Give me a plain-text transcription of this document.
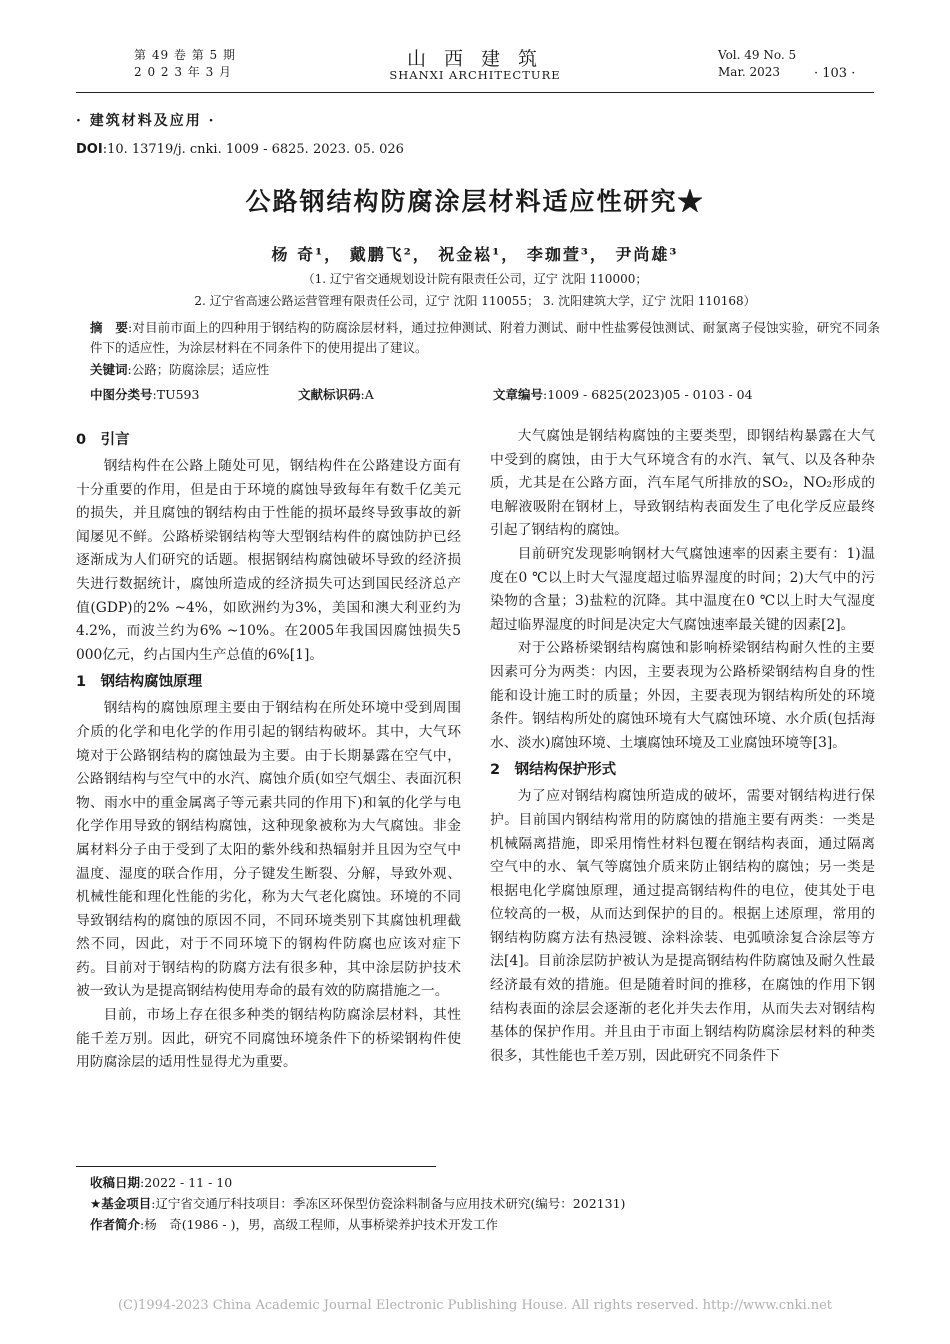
第 49 卷 第 5 期
2 0 2 3 年 3 月
山 西 建 筑
SHANXI ARCHITECTURE
Vol. 49 No. 5
Mar. 2023	· 103 ·
· 建筑材料及应用 ·
DOI:10. 13719/j. cnki. 1009 - 6825. 2023. 05. 026
公路钢结构防腐涂层材料适应性研究★
杨 奇¹， 戴鹏飞²， 祝金崧¹， 李珈萱³， 尹尚雄³
（1. 辽宁省交通规划设计院有限责任公司，辽宁 沈阳 110000；
2. 辽宁省高速公路运营管理有限责任公司，辽宁 沈阳 110055； 3. 沈阳建筑大学，辽宁 沈阳 110168）
摘　要:对目前市面上的四种用于钢结构的防腐涂层材料，通过拉伸测试、附着力测试、耐中性盐雾侵蚀测试、耐氯离子侵蚀实验，研究不同条件下的适应性，为涂层材料在不同条件下的使用提出了建议。
关键词:公路；防腐涂层；适应性
中图分类号:TU593	文献标识码:A	文章编号:1009 - 6825(2023)05 - 0103 - 04
0　引言

钢结构件在公路上随处可见，钢结构件在公路建设方面有十分重要的作用，但是由于环境的腐蚀导致每年有数千亿美元的损失，并且腐蚀的钢结构由于性能的损坏最终导致事故的新闻屡见不鲜。公路桥梁钢结构等大型钢结构件的腐蚀防护已经逐渐成为人们研究的话题。根据钢结构腐蚀破坏导致的经济损失进行数据统计，腐蚀所造成的经济损失可达到国民经济总产值(GDP)的2% ~4%，如欧洲约为3%，美国和澳大利亚约为4.2%，而波兰约为6% ~10%。在2005年我国因腐蚀损失5 000亿元，约占国内生产总值的6%[1]。

1　钢结构腐蚀原理

钢结构的腐蚀原理主要由于钢结构在所处环境中受到周围介质的化学和电化学的作用引起的钢结构破坏。其中，大气环境对于公路钢结构的腐蚀最为主要。由于长期暴露在空气中，公路钢结构与空气中的水汽、腐蚀介质(如空气烟尘、表面沉积物、雨水中的重金属离子等元素共同的作用下)和氧的化学与电化学作用导致的钢结构腐蚀，这种现象被称为大气腐蚀。非金属材料分子由于受到了太阳的紫外线和热辐射并且因为空气中温度、湿度的联合作用，分子键发生断裂、分解，导致外观、机械性能和理化性能的劣化，称为大气老化腐蚀。环境的不同导致钢结构的腐蚀的原因不同，不同环境类别下其腐蚀机理截然不同，因此，对于不同环境下的钢构件防腐也应该对症下药。目前对于钢结构的防腐方法有很多种，其中涂层防护技术被一致认为是提高钢结构使用寿命的最有效的防腐措施之一。

目前，市场上存在很多种类的钢结构防腐涂层材料，其性能千差万别。因此，研究不同腐蚀环境条件下的桥梁钢构件使用防腐涂层的适用性显得尤为重要。

大气腐蚀是钢结构腐蚀的主要类型，即钢结构暴露在大气中受到的腐蚀，由于大气环境含有的水汽、氧气、以及各种杂质，尤其是在公路方面，汽车尾气所排放的SO₂，NO₂形成的电解液吸附在钢材上，导致钢结构表面发生了电化学反应最终引起了钢结构的腐蚀。

目前研究发现影响钢材大气腐蚀速率的因素主要有：1)温度在0 ℃以上时大气湿度超过临界湿度的时间；2)大气中的污染物的含量；3)盐粒的沉降。其中温度在0 ℃以上时大气湿度超过临界湿度的时间是决定大气腐蚀速率最关键的因素[2]。

对于公路桥梁钢结构腐蚀和影响桥梁钢结构耐久性的主要因素可分为两类：内因，主要表现为公路桥梁钢结构自身的性能和设计施工时的质量；外因，主要表现为钢结构所处的环境条件。钢结构所处的腐蚀环境有大气腐蚀环境、水介质(包括海水、淡水)腐蚀环境、土壤腐蚀环境及工业腐蚀环境等[3]。

2　钢结构保护形式

为了应对钢结构腐蚀所造成的破坏，需要对钢结构进行保护。目前国内钢结构常用的防腐蚀的措施主要有两类：一类是机械隔离措施，即采用惰性材料包覆在钢结构表面，通过隔离空气中的水、氧气等腐蚀介质来防止钢结构的腐蚀；另一类是根据电化学腐蚀原理，通过提高钢结构件的电位，使其处于电位较高的一极，从而达到保护的目的。根据上述原理，常用的钢结构防腐方法有热浸镀、涂料涂装、电弧喷涂复合涂层等方法[4]。目前涂层防护被认为是提高钢结构件防腐蚀及耐久性最经济最有效的措施。但是随着时间的推移，在腐蚀的作用下钢结构表面的涂层会逐渐的老化并失去作用，从而失去对钢结构基体的保护作用。并且由于市面上钢结构防腐涂层材料的种类很多，其性能也千差万别，因此研究不同条件下

收稿日期:2022 - 11 - 10
★基金项目:辽宁省交通厅科技项目：季冻区环保型仿瓷涂料制备与应用技术研究(编号：202131)
作者简介:杨　奇(1986 - )，男，高级工程师，从事桥梁养护技术开发工作
(C)1994-2023 China Academic Journal Electronic Publishing House. All rights reserved. http://www.cnki.net
